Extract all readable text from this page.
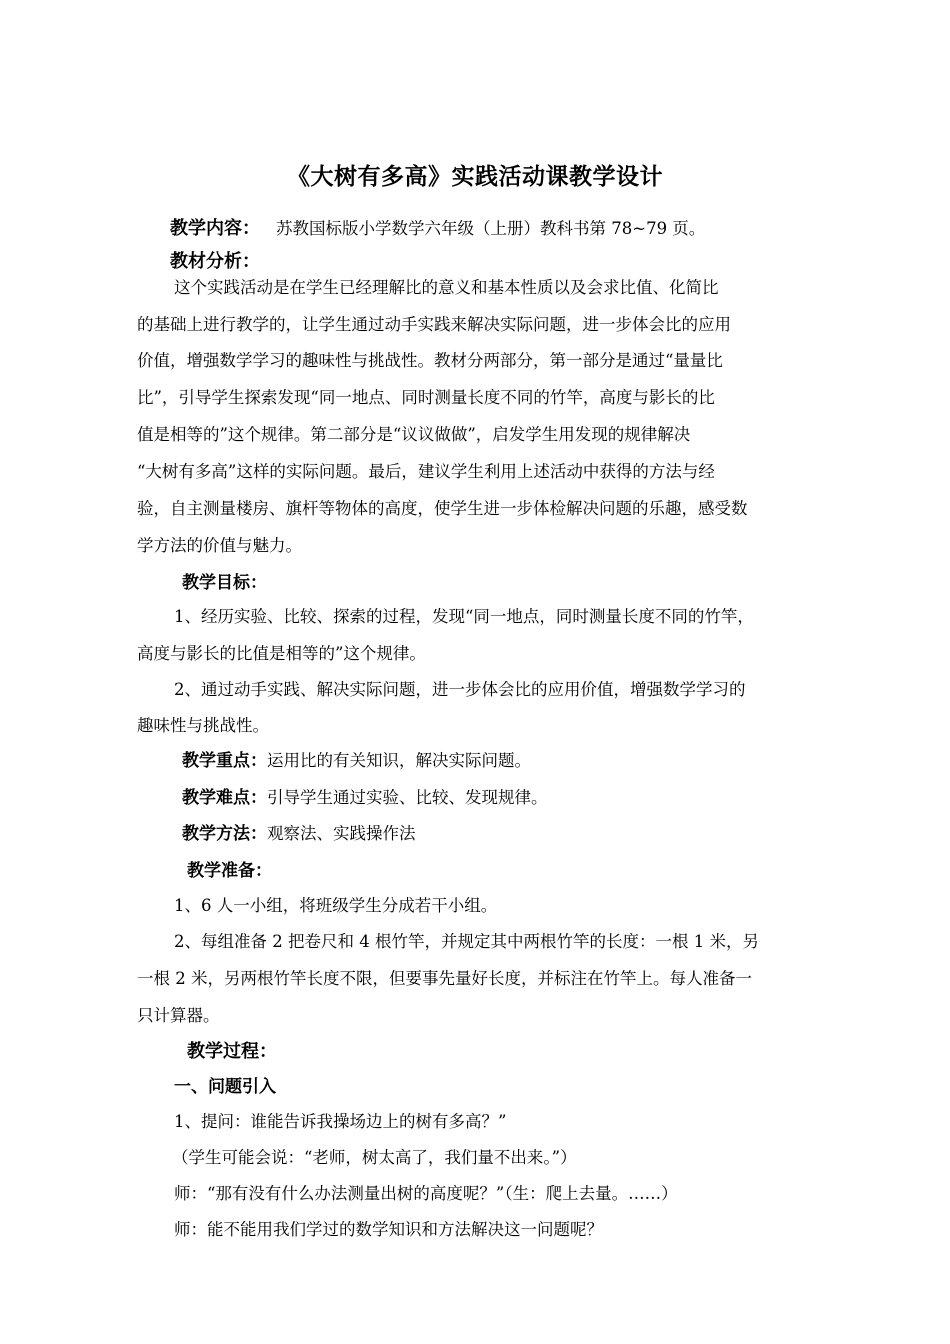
《大树有多高》实践活动课教学设计
教学内容： 苏教国标版小学数学六年级（上册）教科书第 78~79 页。
教材分析：
这个实践活动是在学生已经理解比的意义和基本性质以及会求比值、化简比
的基础上进行教学的，让学生通过动手实践来解决实际问题，进一步体会比的应用
价值，增强数学学习的趣味性与挑战性。教材分两部分，第一部分是通过“量量比
比”，引导学生探索发现“同一地点、同时测量长度不同的竹竿，高度与影长的比
值是相等的”这个规律。第二部分是“议议做做”，启发学生用发现的规律解决
“大树有多高”这样的实际问题。最后，建议学生利用上述活动中获得的方法与经
验，自主测量楼房、旗杆等物体的高度，使学生进一步体检解决问题的乐趣，感受数
学方法的价值与魅力。
教学目标：
1、经历实验、比较、探索的过程，发现“同一地点，同时测量长度不同的竹竿，
高度与影长的比值是相等的”这个规律。
2、通过动手实践、解决实际问题，进一步体会比的应用价值，增强数学学习的
趣味性与挑战性。
教学重点：运用比的有关知识，解决实际问题。
教学难点：引导学生通过实验、比较、发现规律。
教学方法：观察法、实践操作法
教学准备：
1、6 人一小组，将班级学生分成若干小组。
2、每组准备 2 把卷尺和 4 根竹竿，并规定其中两根竹竿的长度：一根 1 米，另
一根 2 米，另两根竹竿长度不限，但要事先量好长度，并标注在竹竿上。每人准备一
只计算器。
教学过程：
一、问题引入
1、提问：谁能告诉我操场边上的树有多高？”
（学生可能会说：“老师，树太高了，我们量不出来。”）
师：“那有没有什么办法测量出树的高度呢？”（生：爬上去量。……）
师：能不能用我们学过的数学知识和方法解决这一问题呢？
